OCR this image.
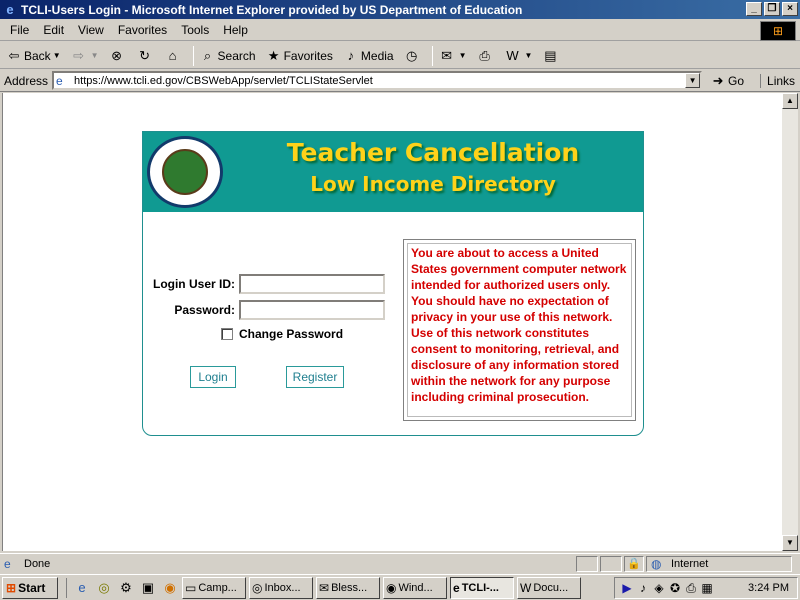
e TCLI-Users Login - Microsoft Internet Explorer provided by US Department of Education	_	❐	×
File	Edit	View	Favorites	Tools	Help	⊞
⇦ Back ▼ ⇨ ▼ ⊗ ↻	⌂	⌕ Search ★ Favorites	♪ Media ◷ ✉ ▼ ⎙ W ▼ ▤
Address e	https://www.tcli.ed.gov/CBSWebApp/servlet/TCLIStateServlet	▼ ➜ Go	Links
Teacher Cancellation
Low Income Directory
Login User ID:
Password:
Change Password
Login	Register
You are about to access a United States government computer network intended for authorized users only. You should have no expectation of privacy in your use of this network. Use of this network constitutes consent to monitoring, retrieval, and disclosure of any information stored within the network for any purpose including criminal prosecution.
▲
▼
e	Done	🔒 ◍ Internet
⊞ Start	e ◎ ⚙ ▣ ◉ ▭ Camp... ◎ Inbox... ✉ Bless... ◉ Wind... e TCLI-... W Docu...	▶ ♪ ◈ ✪ ⎙ ▦	3:24 PM
